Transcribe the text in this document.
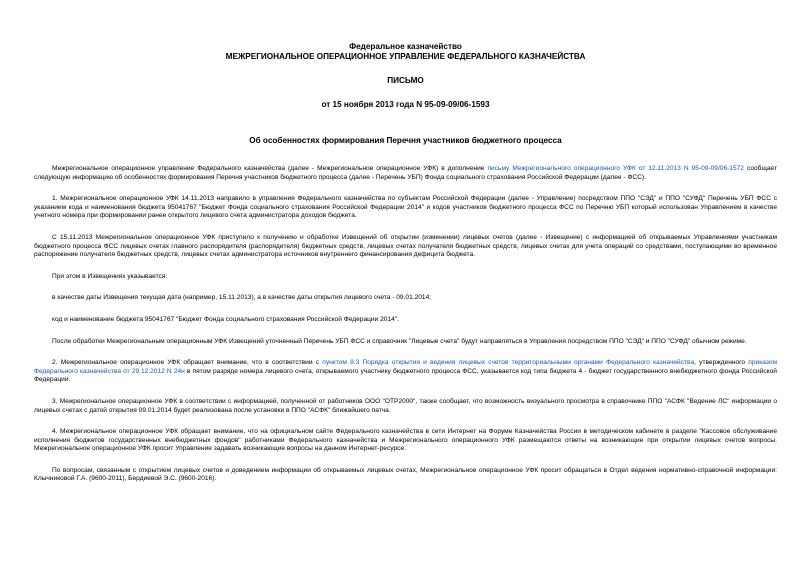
Федеральное казначейство
МЕЖРЕГИОНАЛЬНОЕ ОПЕРАЦИОННОЕ УПРАВЛЕНИЕ ФЕДЕРАЛЬНОГО КАЗНАЧЕЙСТВА
ПИСЬМО
от 15 ноября 2013 года N 95-09-09/06-1593
Об особенностях формирования Перечня участников бюджетного процесса

Межрегиональное операционное управление Федерального казначейства (далее - Межрегиональное операционное УФК) в дополнение письму Межрегионального операционного УФК от 12.11.2013 N 95-09-09/06-1572 сообщает следующую информацию об особенностях формирования Перечня участников бюджетного процесса (далее - Перечень УБП) Фонда социального страхования Российской Федерации (далее - ФСС).

1. Межрегиональное операционное УФК 14.11.2013 направило в управления Федерального казначейства по субъектам Российской Федерации (далее - Управление) посредством ППО "СЭД" и ППО "СУФД" Перечень УБП ФСС с указанием кода и наименования бюджета 95041767 "Бюджет Фонда социального страхования Российской Федерации 2014" и кодов участников бюджетного процесса ФСС по Перечню УБП который использован Управлением в качестве учетного номера при формировании ранее открытого лицевого счета администратора доходов бюджета.

С 15.11.2013 Межрегиональное операционное УФК приступило к получению и обработке Извещений об открытии (изменении) лицевых счетов (далее - Извещение) с информацией об открываемых Управлениями участникам бюджетного процесса ФСС лицевых счетах главного распорядителя (распорядителя) бюджетных средств, лицевых счетах получателя бюджетных средств, лицевых счетах для учета операций со средствами, поступающими во временное распоряжение получателя бюджетных средств, лицевых счетах администратора источников внутреннего финансирования дефицита бюджета.

При этом в Извещениях указывается:

в качестве даты Извещения текущая дата (например, 15.11.2013), а в качестве даты открытия лицевого счета - 09.01.2014;

код и наименование бюджета 95041767 "Бюджет Фонда социального страхования Российской Федерации 2014".

После обработки Межрегиональным операционным УФК Извещений уточненный Перечень УБП ФСС и справочник "Лицевые счета" будут направляться в Управления посредством ППО "СЭД" и ППО "СУФД" обычном режиме.

2. Межрегиональное операционное УФК обращает внимание, что в соответствии с пунктом 8.3 Порядка открытия и ведения лицевых счетов территориальными органами Федерального казначейства, утвержденного приказом Федерального казначейства от 29.12.2012 N 24н в пятом разряде номера лицевого счета, открываемого участнику бюджетного процесса ФСС, указывается код типа бюджета 4 - бюджет государственного внебюджетного фонда Российской Федерации.

3. Межрегиональное операционное УФК в соответствии с информацией, полученной от работников ООО "ОТР2000", также сообщает, что возможность визуального просмотра в справочнике ППО "АСФК "Ведение ЛС" информации о лицевых счетах с датой открытия 09.01.2014 будет реализована после установки в ППО "АСФК" ближайшего патча.

4. Межрегиональное операционное УФК обращает внимание, что на официальном сайте Федерального казначейства в сети Интернет на Форуме Казначейства России в методическом кабинете в разделе "Кассовое обслуживание исполнения бюджетов государственных внебюджетных фондов" работниками Федерального казначейства и Межрегионального операционного УФК размещаются ответы на возникающие при открытии лицевых счетов вопросы. Межрегиональное операционное УФК просит Управление задавать возникающие вопросы на данном Интернет-ресурсе.

По вопросам, связанным с открытием лицевых счетов и доведением информации об открываемых лицевых счетах, Межрегиональное операционное УФК просит обращаться в Отдел ведения нормативно-справочной информации: Клычниковой Г.А. (9600-2011), Бердиевой Э.С. (9600-2016).
